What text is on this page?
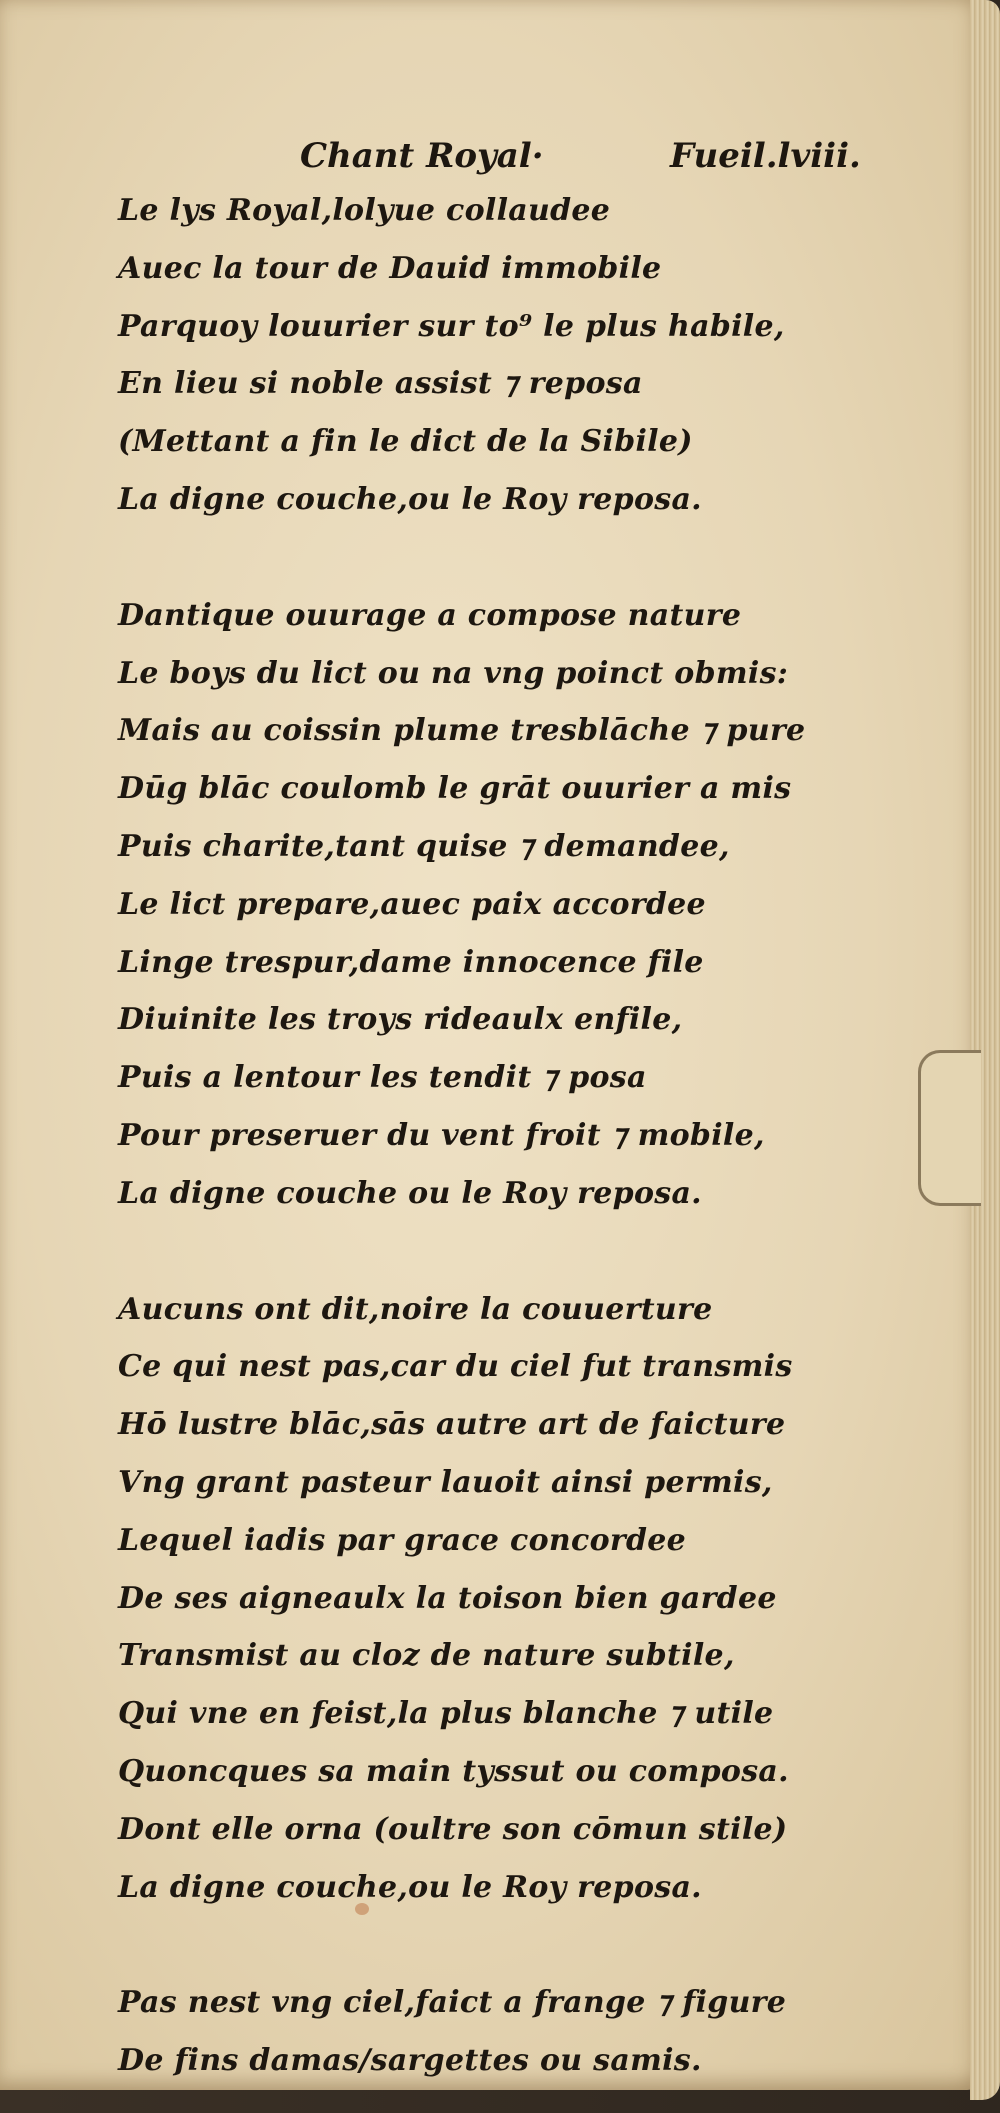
Chant Royal·	Fueil.lviii.
Le lys Royal,lolyue collaudee
Auec la tour de Dauid immobile
Parquoy louurier sur to⁹ le plus habile,
En lieu si noble assist ⁊ reposa
(Mettant a fin le dict de la Sibile)
La digne couche,ou le Roy reposa.
Dantique ouurage a compose nature
Le boys du lict ou na vng poinct obmis:
Mais au coissin plume tresblāche ⁊ pure
Dūg blāc coulomb le grāt ouurier a mis
Puis charite,tant quise ⁊ demandee,
Le lict prepare,auec paix accordee
Linge trespur,dame innocence file
Diuinite les troys rideaulx enfile,
Puis a lentour les tendit ⁊ posa
Pour preseruer du vent froit ⁊ mobile,
La digne couche ou le Roy reposa.
Aucuns ont dit,noire la couuerture
Ce qui nest pas,car du ciel fut transmis
Hō lustre blāc,sās autre art de faicture
Vng grant pasteur lauoit ainsi permis,
Lequel iadis par grace concordee
De ses aigneaulx la toison bien gardee
Transmist au cloz de nature subtile,
Qui vne en feist,la plus blanche ⁊ utile
Quoncques sa main tyssut ou composa.
Dont elle orna (oultre son cōmun stile)
La digne couche,ou le Roy reposa.
Pas nest vng ciel,faict a frange ⁊ figure
De fins damas/sargettes ou samis.
